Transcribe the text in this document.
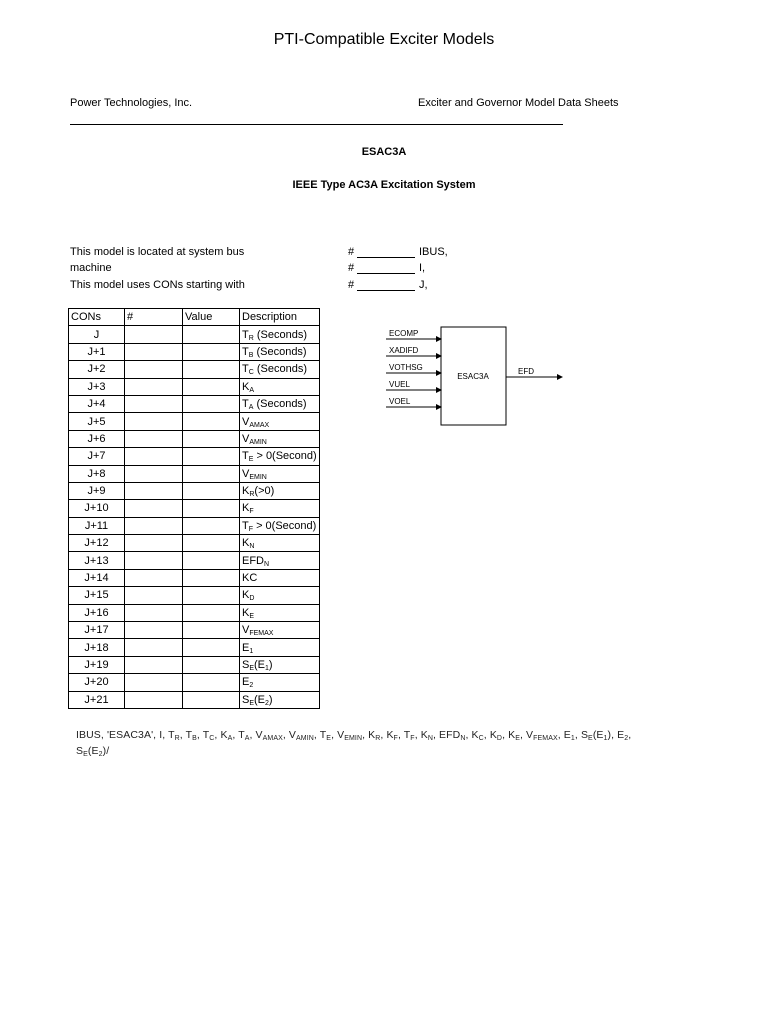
PTI-Compatible Exciter Models
Power Technologies, Inc.	Exciter and Governor Model Data Sheets
ESAC3A
IEEE Type AC3A Excitation System
This model is located at system bus	#	IBUS,
machine	#	I,
This model uses CONs starting with	#	J,
CONs	#	Value	Description
J			$T_R$ (Seconds)
J+1			$T_B$ (Seconds)
J+2			$T_C$ (Seconds)
J+3			$K_A$
J+4			$T_A$ (Seconds)
J+5			$V_{AMAX}$
J+6			$V_{AMIN}$
J+7			$T_E$ > 0(Second)
J+8			$V_{EMIN}$
J+9			$K_R(>0)$
J+10			$K_F$
J+11			$T_F$ > 0(Second)
J+12			$K_N$
J+13			$EFD_N$
J+14			KC
J+15			$K_D$
J+16			$K_E$
J+17			$V_{FEMAX}$
J+18			$E_1$
J+19			$S_E(E_1)$
J+20			$E_2$
J+21			$S_E(E_2)$
ECOMP
XADIFD
VOTHSG
VUEL
VOEL
ESAC3A
EFD
IBUS, 'ESAC3A', I, $T_R$, $T_B$, $T_C$, $K_A$, $T_A$, $V_{AMAX}$, $V_{AMIN}$, $T_E$, $V_{EMIN}$, $K_R$, $K_F$, $T_F$, $K_N$, $EFD_N$, $K_C$, $K_D$, $K_E$, $V_{FEMAX}$, $E_1$, $S_E(E_1)$, $E_2$, $S_E(E_2)/$
